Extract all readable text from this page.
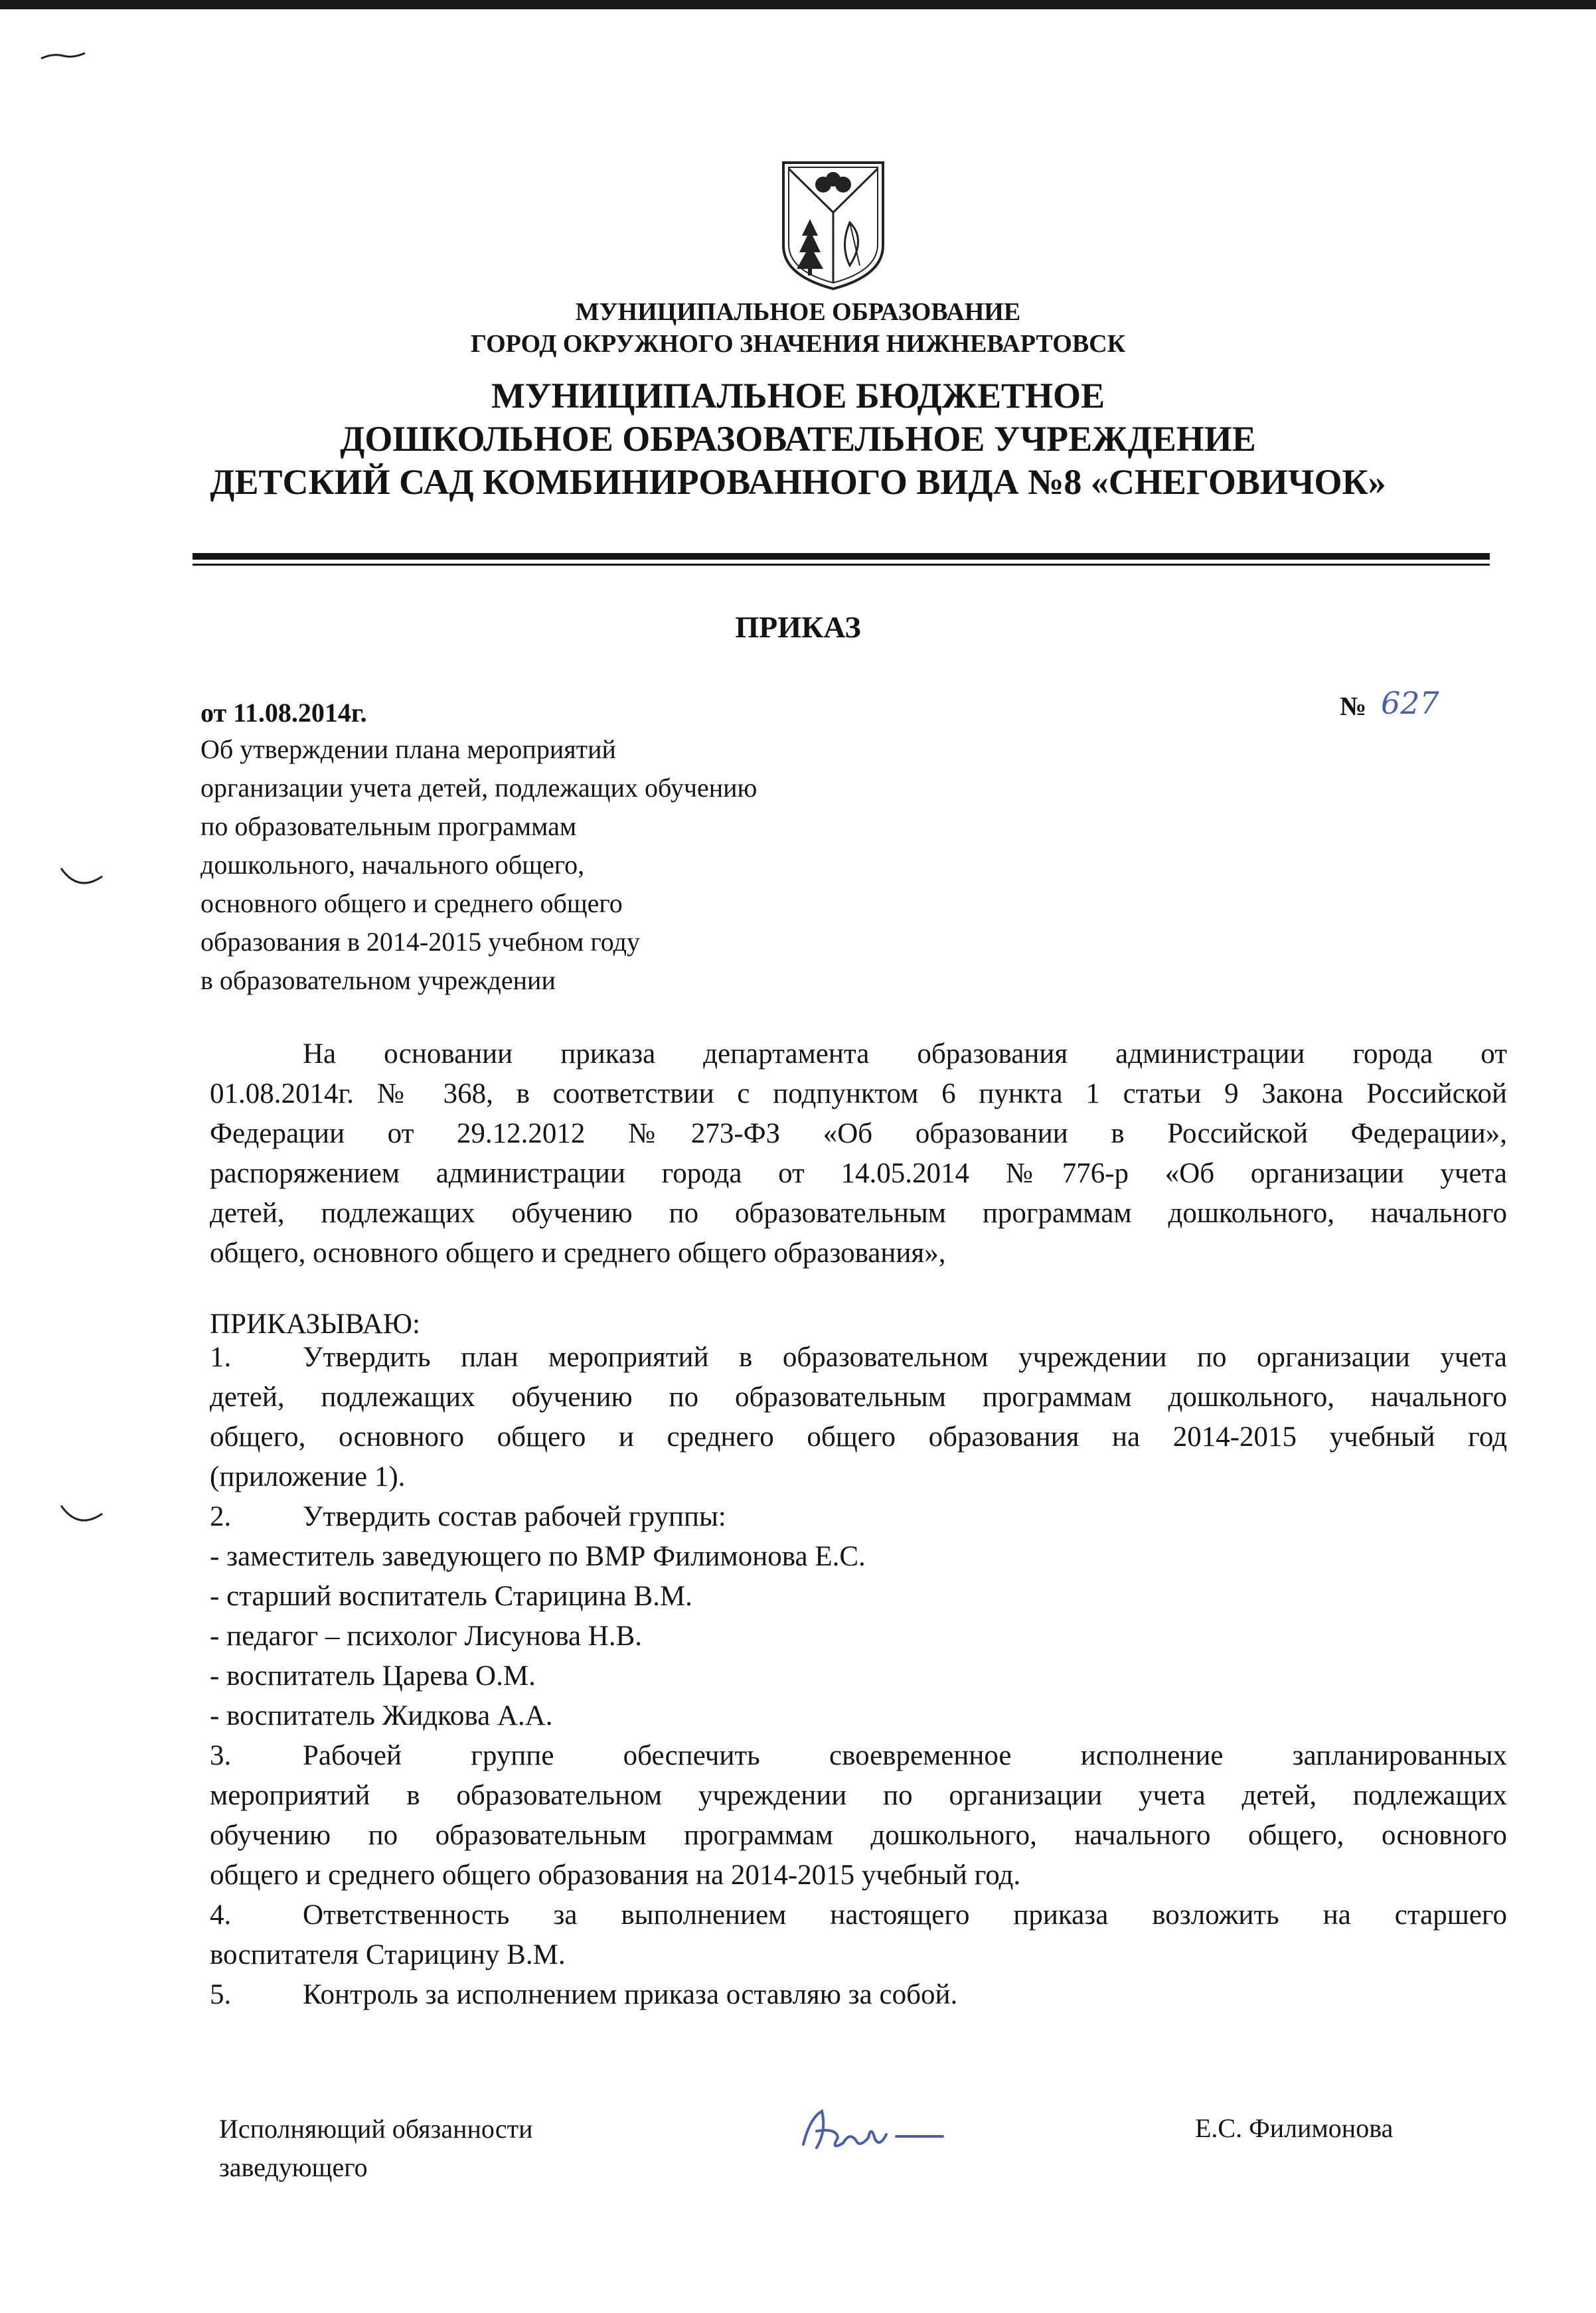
МУНИЦИПАЛЬНОЕ ОБРАЗОВАНИЕ
ГОРОД ОКРУЖНОГО ЗНАЧЕНИЯ НИЖНЕВАРТОВСК
МУНИЦИПАЛЬНОЕ БЮДЖЕТНОЕ
ДОШКОЛЬНОЕ ОБРАЗОВАТЕЛЬНОЕ УЧРЕЖДЕНИЕ
ДЕТСКИЙ САД КОМБИНИРОВАННОГО ВИДА №8 «СНЕГОВИЧОК»
ПРИКАЗ
от 11.08.2014г.	№ 627
Об утверждении плана мероприятий
организации учета детей, подлежащих обучению
по образовательным программам
дошкольного, начального общего,
основного общего и среднего общего
образования в 2014-2015 учебном году
в образовательном учреждении
На основании приказа департамента образования администрации города от
01.08.2014г. № 368, в соответствии с подпунктом 6 пункта 1 статьи 9 Закона Российской
Федерации от 29.12.2012 №273-ФЗ «Об образовании в Российской Федерации»,
распоряжением администрации города от 14.05.2014 №776-р «Об организации учета
детей, подлежащих обучению по образовательным программам дошкольного, начального
общего, основного общего и среднего общего образования»,
ПРИКАЗЫВАЮ:
1.	Утвердить план мероприятий в образовательном учреждении по организации учета
детей, подлежащих обучению по образовательным программам дошкольного, начального
общего, основного общего и среднего общего образования на 2014-2015 учебный год
(приложение 1).
2.	Утвердить состав рабочей группы:
- заместитель заведующего по ВМР Филимонова Е.С.
- старший воспитатель Старицина В.М.
- педагог – психолог Лисунова Н.В.
- воспитатель Царева О.М.
- воспитатель Жидкова А.А.
3.	Рабочей группе обеспечить своевременное исполнение запланированных
мероприятий в образовательном учреждении по организации учета детей, подлежащих
обучению по образовательным программам дошкольного, начального общего, основного
общего и среднего общего образования на 2014-2015 учебный год.
4.	Ответственность за выполнением настоящего приказа возложить на старшего
воспитателя Старицину В.М.
5.	Контроль за исполнением приказа оставляю за собой.
Исполняющий обязанности
заведующего
Е.С. Филимонова
